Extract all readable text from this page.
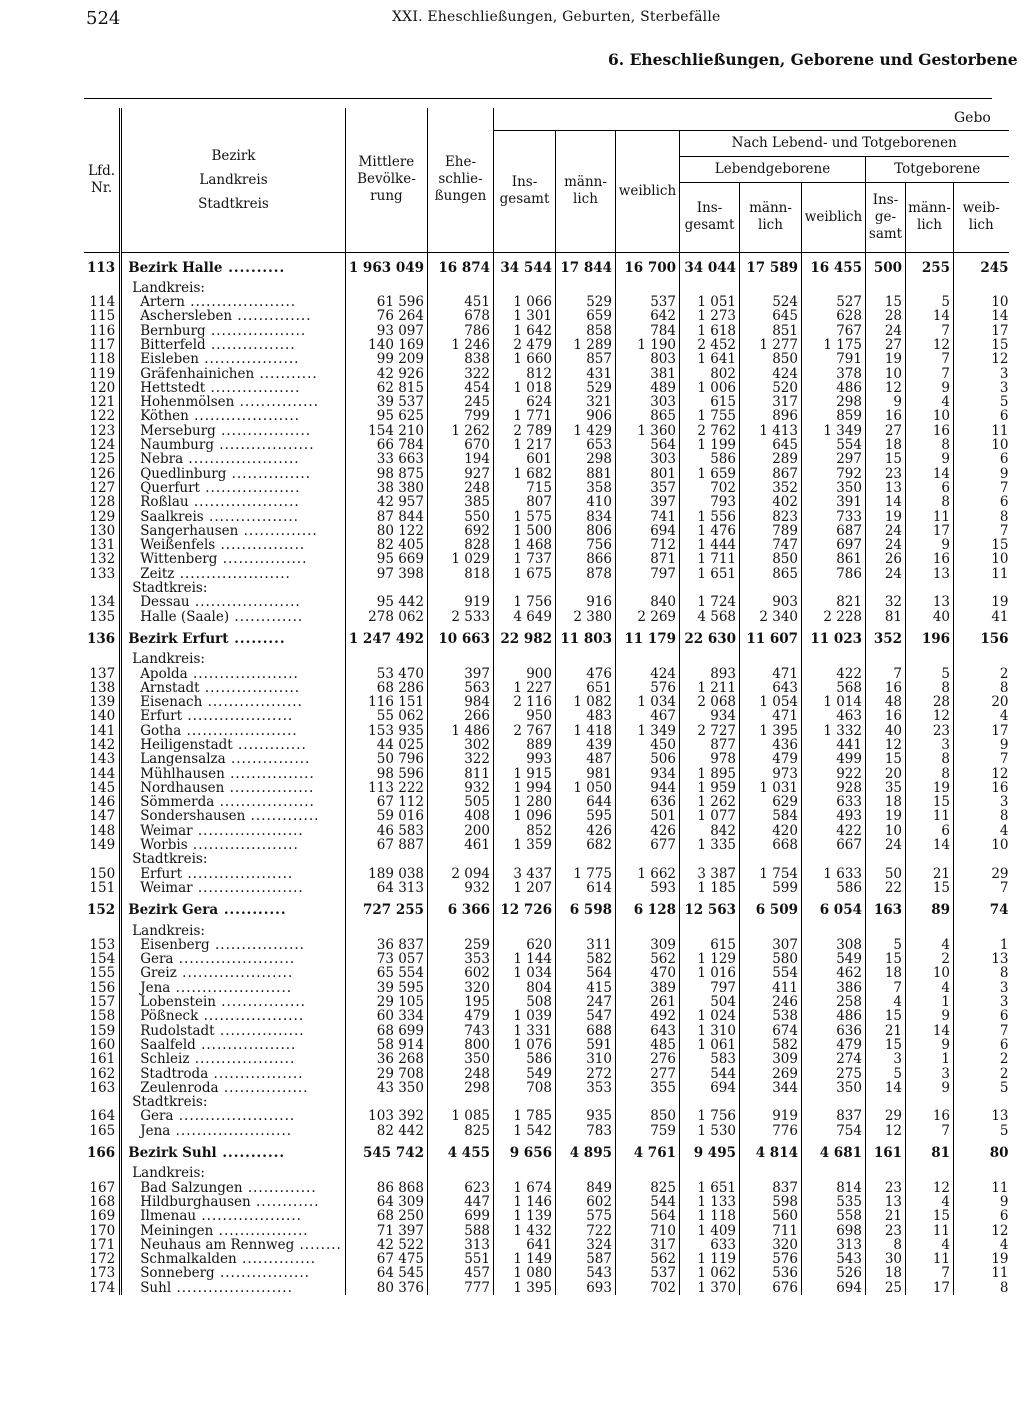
524	XXI. Eheschließungen, Geburten, Sterbefälle
6. Eheschließungen, Geborene und Gestorbene
Gebo
Lfd. Nr.	Bezirk
Landkreis
Stadtkreis	Mittlere Bevölkerung	Eheschließungen									
				Insgesamt	männlich	weiblich	Nach Lebend- und Totgeborenen					
							Lebendgeborene			Totgeborene		
							Insgesamt	männlich	weiblich	Insgesamt	männlich	weiblich
113	Bezirk Halle ..........	1 963 049	16 874	34 544	17 844	16 700	34 044	17 589	16 455	500	255	245
	Landkreis:											
114	Artern ....................	61 596	451	1 066	529	537	1 051	524	527	15	5	10
115	Aschersleben ..............	76 264	678	1 301	659	642	1 273	645	628	28	14	14
116	Bernburg ..................	93 097	786	1 642	858	784	1 618	851	767	24	7	17
117	Bitterfeld ................	140 169	1 246	2 479	1 289	1 190	2 452	1 277	1 175	27	12	15
118	Eisleben ..................	99 209	838	1 660	857	803	1 641	850	791	19	7	12
119	Gräfenhainichen ...........	42 926	322	812	431	381	802	424	378	10	7	3
120	Hettstedt .................	62 815	454	1 018	529	489	1 006	520	486	12	9	3
121	Hohenmölsen ...............	39 537	245	624	321	303	615	317	298	9	4	5
122	Köthen ....................	95 625	799	1 771	906	865	1 755	896	859	16	10	6
123	Merseburg .................	154 210	1 262	2 789	1 429	1 360	2 762	1 413	1 349	27	16	11
124	Naumburg ..................	66 784	670	1 217	653	564	1 199	645	554	18	8	10
125	Nebra .....................	33 663	194	601	298	303	586	289	297	15	9	6
126	Quedlinburg ...............	98 875	927	1 682	881	801	1 659	867	792	23	14	9
127	Querfurt ..................	38 380	248	715	358	357	702	352	350	13	6	7
128	Roßlau ....................	42 957	385	807	410	397	793	402	391	14	8	6
129	Saalkreis .................	87 844	550	1 575	834	741	1 556	823	733	19	11	8
130	Sangerhausen ..............	80 122	692	1 500	806	694	1 476	789	687	24	17	7
131	Weißenfels ................	82 405	828	1 468	756	712	1 444	747	697	24	9	15
132	Wittenberg ................	95 669	1 029	1 737	866	871	1 711	850	861	26	16	10
133	Zeitz .....................	97 398	818	1 675	878	797	1 651	865	786	24	13	11
	Stadtkreis:											
134	Dessau ....................	95 442	919	1 756	916	840	1 724	903	821	32	13	19
135	Halle (Saale) .............	278 062	2 533	4 649	2 380	2 269	4 568	2 340	2 228	81	40	41
136	Bezirk Erfurt .........	1 247 492	10 663	22 982	11 803	11 179	22 630	11 607	11 023	352	196	156
	Landkreis:											
137	Apolda ....................	53 470	397	900	476	424	893	471	422	7	5	2
138	Arnstadt ..................	68 286	563	1 227	651	576	1 211	643	568	16	8	8
139	Eisenach ..................	116 151	984	2 116	1 082	1 034	2 068	1 054	1 014	48	28	20
140	Erfurt ....................	55 062	266	950	483	467	934	471	463	16	12	4
141	Gotha .....................	153 935	1 486	2 767	1 418	1 349	2 727	1 395	1 332	40	23	17
142	Heiligenstadt .............	44 025	302	889	439	450	877	436	441	12	3	9
143	Langensalza ...............	50 796	322	993	487	506	978	479	499	15	8	7
144	Mühlhausen ................	98 596	811	1 915	981	934	1 895	973	922	20	8	12
145	Nordhausen ................	113 222	932	1 994	1 050	944	1 959	1 031	928	35	19	16
146	Sömmerda ..................	67 112	505	1 280	644	636	1 262	629	633	18	15	3
147	Sondershausen .............	59 016	408	1 096	595	501	1 077	584	493	19	11	8
148	Weimar ....................	46 583	200	852	426	426	842	420	422	10	6	4
149	Worbis ....................	67 887	461	1 359	682	677	1 335	668	667	24	14	10
	Stadtkreis:											
150	Erfurt ....................	189 038	2 094	3 437	1 775	1 662	3 387	1 754	1 633	50	21	29
151	Weimar ....................	64 313	932	1 207	614	593	1 185	599	586	22	15	7
152	Bezirk Gera ...........	727 255	6 366	12 726	6 598	6 128	12 563	6 509	6 054	163	89	74
	Landkreis:											
153	Eisenberg .................	36 837	259	620	311	309	615	307	308	5	4	1
154	Gera ......................	73 057	353	1 144	582	562	1 129	580	549	15	2	13
155	Greiz .....................	65 554	602	1 034	564	470	1 016	554	462	18	10	8
156	Jena ......................	39 595	320	804	415	389	797	411	386	7	4	3
157	Lobenstein ................	29 105	195	508	247	261	504	246	258	4	1	3
158	Pößneck ...................	60 334	479	1 039	547	492	1 024	538	486	15	9	6
159	Rudolstadt ................	68 699	743	1 331	688	643	1 310	674	636	21	14	7
160	Saalfeld ..................	58 914	800	1 076	591	485	1 061	582	479	15	9	6
161	Schleiz ...................	36 268	350	586	310	276	583	309	274	3	1	2
162	Stadtroda .................	29 708	248	549	272	277	544	269	275	5	3	2
163	Zeulenroda ................	43 350	298	708	353	355	694	344	350	14	9	5
	Stadtkreis:											
164	Gera ......................	103 392	1 085	1 785	935	850	1 756	919	837	29	16	13
165	Jena ......................	82 442	825	1 542	783	759	1 530	776	754	12	7	5
166	Bezirk Suhl ...........	545 742	4 455	9 656	4 895	4 761	9 495	4 814	4 681	161	81	80
	Landkreis:											
167	Bad Salzungen .............	86 868	623	1 674	849	825	1 651	837	814	23	12	11
168	Hildburghausen ............	64 309	447	1 146	602	544	1 133	598	535	13	4	9
169	Ilmenau ...................	68 250	699	1 139	575	564	1 118	560	558	21	15	6
170	Meiningen .................	71 397	588	1 432	722	710	1 409	711	698	23	11	12
171	Neuhaus am Rennweg ........	42 522	313	641	324	317	633	320	313	8	4	4
172	Schmalkalden ..............	67 475	551	1 149	587	562	1 119	576	543	30	11	19
173	Sonneberg .................	64 545	457	1 080	543	537	1 062	536	526	18	7	11
174	Suhl ......................	80 376	777	1 395	693	702	1 370	676	694	25	17	8
